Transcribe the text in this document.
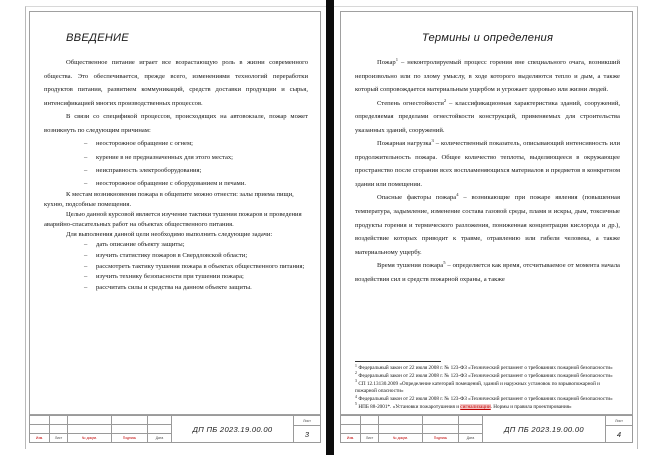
ВВЕДЕНИЕ

Общественное питание играет все возрастающую роль в жизни современного общества. Это обеспечивается, прежде всего, изменениями технологий переработки продуктов питания, развитием коммуникаций, средств доставки продукции и сырья, интенсификацией многих производственных процессов.

В связи со спецификой процессов, происходящих на автовокзале, пожар может возникнуть по следующим причинам:

– неосторожное обращение с огнем;
– курение в не предназначенных для этого местах;
– неисправность электрооборудования;
– неосторожное обращение с оборудованием и печами.

К местам возникновения пожара в общепите можно отнести: залы приема пищи, кухню, подсобные помещения.

Целью данной курсовой является изучение тактики тушения пожаров и проведения аварийно-спасательных работ на объектах общественного питания.

Для выполнения данной цели необходимо выполнить следующие задачи:

– дать описание объекту защиты;
– изучить статистику пожаров в Свердловской области;
– рассмотреть тактику тушения пожара в объектах общественного питания;
– изучить технику безопасности при тушении пожара;
– рассчитать силы и средства на данном объекте защиты.
Изм.	Лист	№ докум.	Подпись	Дата
ДП ПБ 2023.19.00.00
Лист
3
Термины и определения

Пожар$^1$ – неконтролируемый процесс горения вне специального очага, возникший непроизвольно или по злому умыслу, в ходе которого выделяются тепло и дым, а также который сопровождается материальным ущербом и угрожает здоровью или жизни людей.

Степень огнестойкости$^2$ – классификационная характеристика зданий, сооружений, определяемая пределами огнестойкости конструкций, применяемых для строительства указанных зданий, сооружений.

Пожарная нагрузка$^3$ – количественный показатель, описывающий интенсивность или продолжительность пожара. Общее количество теплоты, выделяющееся в окружающее пространство после сгорания всех воспламеняющихся материалов и предметов в конкретном здании или помещении.

Опасные факторы пожара$^4$ – возникающие при пожаре явления (повышенная температура, задымление, изменение состава газовой среды, пламя и искры, дым, токсичные продукты горения и термического разложения, пониженная концентрация кислорода и др.), воздействие которых приводит к травме, отравлению или гибели человека, а также материальному ущербу.

Время тушения пожара$^5$ – определяется как время, отсчитываемое от момента начала воздействия сил и средств пожарной охраны, а также

$^1$ Федеральный закон от 22 июля 2008 г. № 123-ФЗ «Технический регламент о требованиях пожарной безопасности»
$^2$ Федеральный закон от 22 июля 2008 г. № 123-ФЗ «Технический регламент о требованиях пожарной безопасности»
$^3$ СП 12.13130.2009 «Определение категорий помещений, зданий и наружных установок по взрывопожарной и пожарной опасности»
$^4$ Федеральный закон от 22 июля 2008 г. № 123-ФЗ «Технический регламент о требованиях пожарной безопасности»
$^5$ НПБ 88-2001*. «Установки пожаротушения и сигнализации. Нормы и правила проектирования»
Изм.	Лист	№ докум.	Подпись	Дата
ДП ПБ 2023.19.00.00
Лист
4
